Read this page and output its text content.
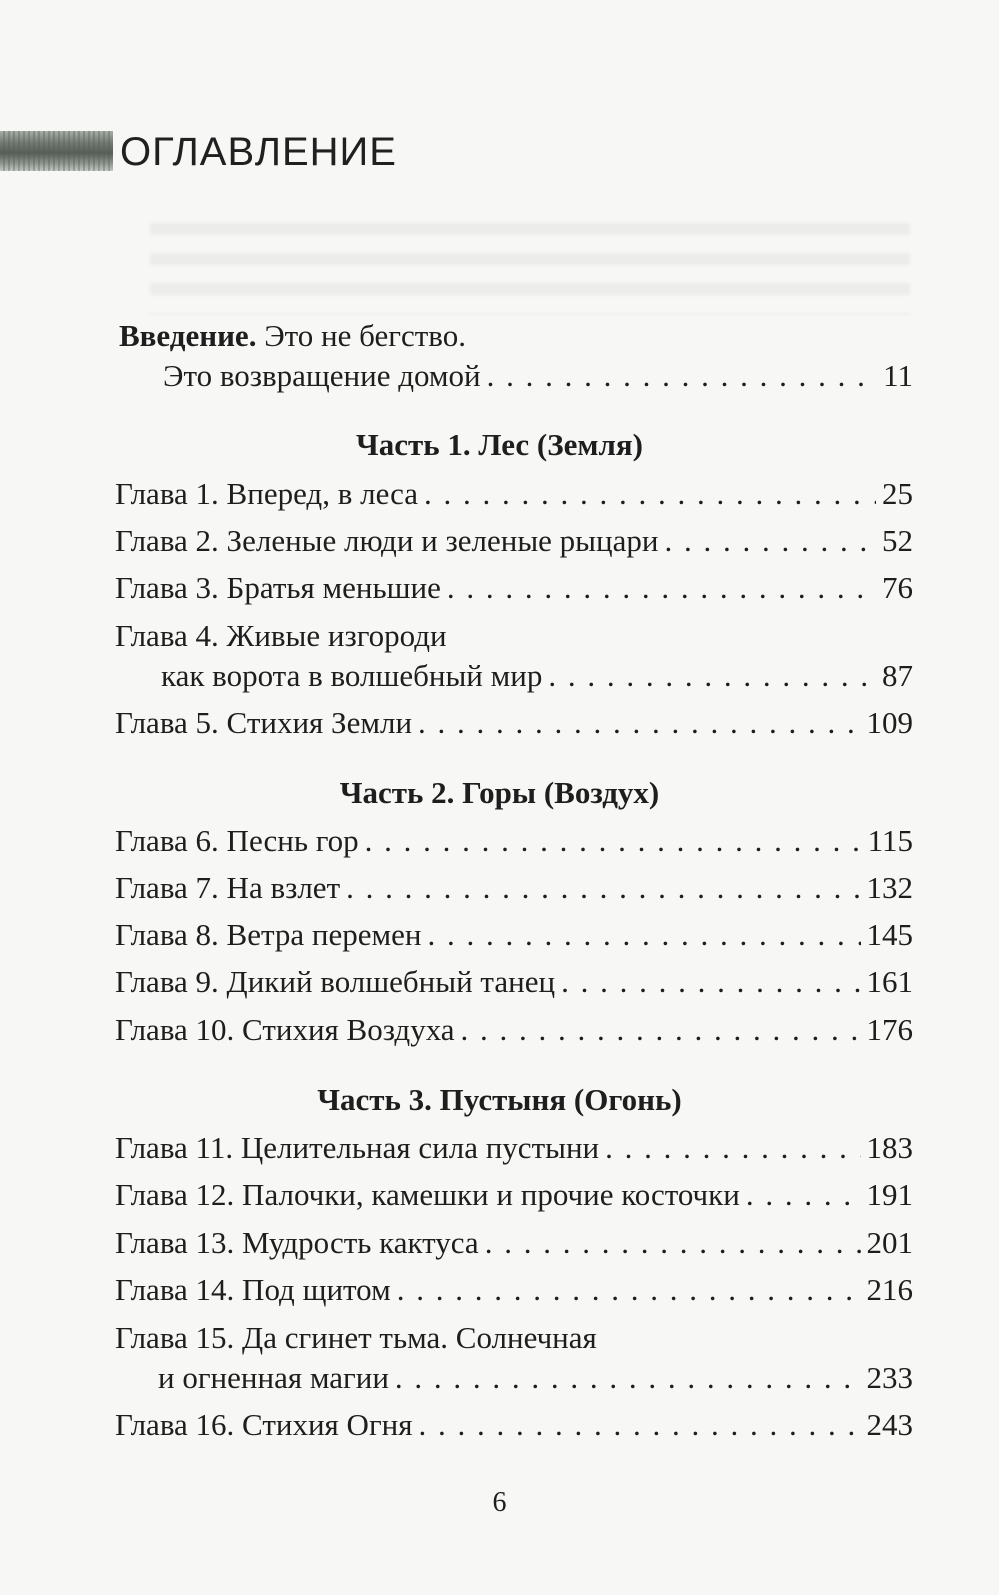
ОГЛАВЛЕНИЕ
Введение.
Это не бегство.
Это возвращение домой . . .	11
Часть 1. Лес (Земля)
Глава 1. Вперед, в леса . . .	25
Глава 2. Зеленые люди и зеленые рыцари . . .	52
Глава 3. Братья меньшие . . .	76
Глава 4. Живые изгороди
как ворота в волшебный мир . . .	87
Глава 5. Стихия Земли . . .	109
Часть 2. Горы (Воздух)
Глава 6. Песнь гор . . .	115
Глава 7. На взлет . . .	132
Глава 8. Ветра перемен . . .	145
Глава 9. Дикий волшебный танец . . .	161
Глава 10. Стихия Воздуха . . .	176
Часть 3. Пустыня (Огонь)
Глава 11. Целительная сила пустыни . . .	183
Глава 12. Палочки, камешки и прочие косточки . . .	191
Глава 13. Мудрость кактуса . . .	201
Глава 14. Под щитом . . .	216
Глава 15. Да сгинет тьма. Солнечная
и огненная магии . . .	233
Глава 16. Стихия Огня . . .	243
6
